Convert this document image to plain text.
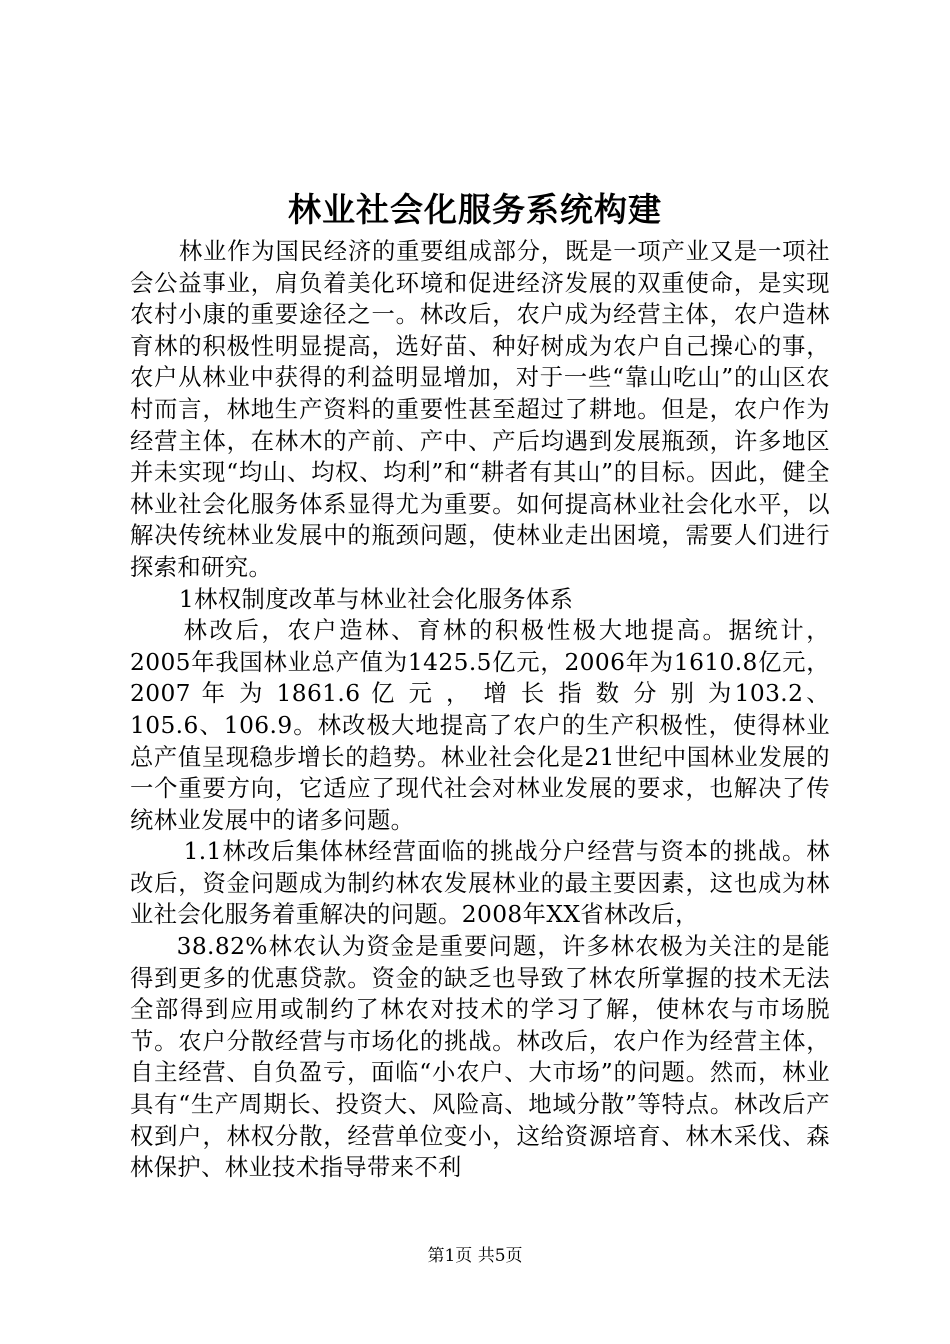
林业社会化服务系统构建

林业作为国民经济的重要组成部分，既是一项产业又是一项社会公益事业，肩负着美化环境和促进经济发展的双重使命，是实现农村小康的重要途径之一。林改后，农户成为经营主体，农户造林育林的积极性明显提高，选好苗、种好树成为农户自己操心的事，农户从林业中获得的利益明显增加，对于一些“靠山吃山”的山区农村而言，林地生产资料的重要性甚至超过了耕地。但是，农户作为经营主体，在林木的产前、产中、产后均遇到发展瓶颈，许多地区并未实现“均山、均权、均利”和“耕者有其山”的目标。因此，健全林业社会化服务体系显得尤为重要。如何提高林业社会化水平，以解决传统林业发展中的瓶颈问题，使林业走出困境，需要人们进行探索和研究。

1林权制度改革与林业社会化服务体系

林改后，农户造林、育林的积极性极大地提高。据统计，2005年我国林业总产值为1425.5亿元，2006年为1610.8亿元，2007 年 为 1861.6 亿 元 ， 增 长 指 数 分 别 为103.2、105.6、106.9。林改极大地提高了农户的生产积极性，使得林业总产值呈现稳步增长的趋势。林业社会化是21世纪中国林业发展的一个重要方向，它适应了现代社会对林业发展的要求，也解决了传统林业发展中的诸多问题。

1.1林改后集体林经营面临的挑战分户经营与资本的挑战。林改后，资金问题成为制约林农发展林业的最主要因素，这也成为林业社会化服务着重解决的问题。2008年XX省林改后，

38.82%林农认为资金是重要问题，许多林农极为关注的是能得到更多的优惠贷款。资金的缺乏也导致了林农所掌握的技术无法全部得到应用或制约了林农对技术的学习了解，使林农与市场脱节。农户分散经营与市场化的挑战。林改后，农户作为经营主体，自主经营、自负盈亏，面临“小农户、大市场”的问题。然而，林业具有“生产周期长、投资大、风险高、地域分散”等特点。林改后产权到户，林权分散，经营单位变小，这给资源培育、林木采伐、森林保护、林业技术指导带来不利

第1页 共5页
